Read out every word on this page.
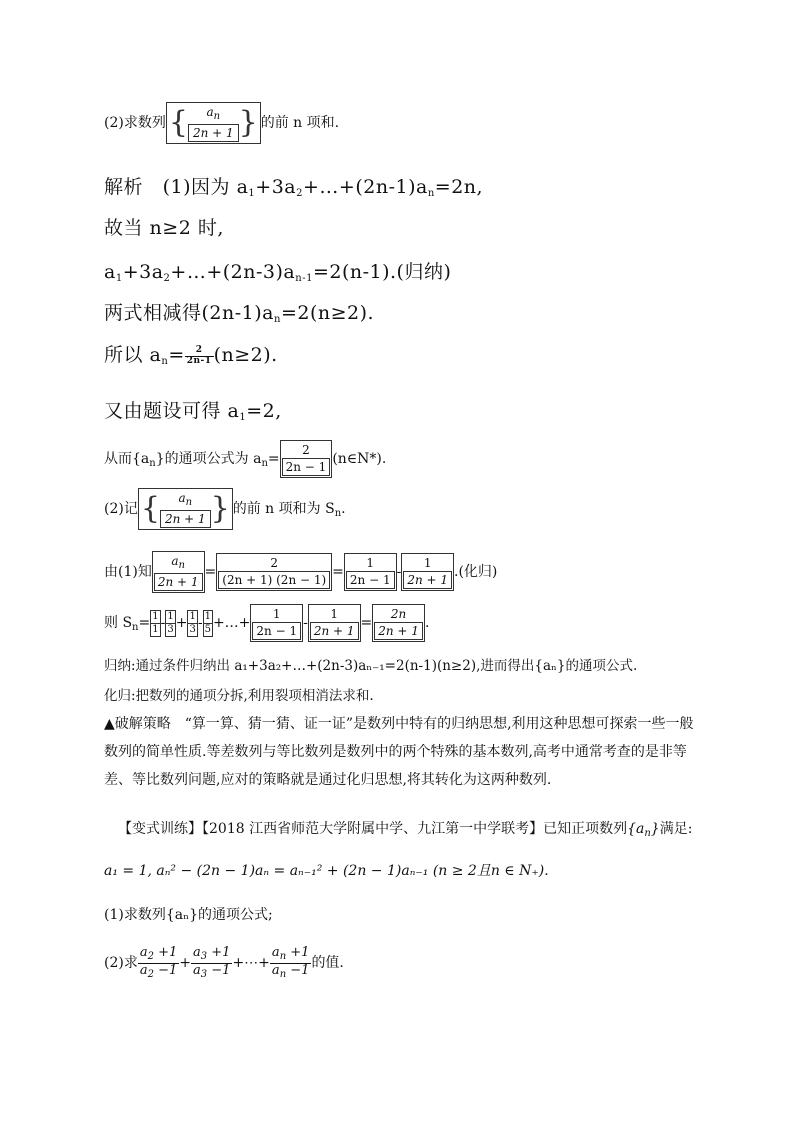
(2)求数列 {	$a_n$
2n + 1 } 的前 n 项和.
解析 (1)因为 $a_1+3a_2+\dots+(2n-1)a_n=2n$,
故当 n≥2 时,
$a_1+3a_2+\dots+(2n-3)a_{n-1}=2(n-1)$.(归纳)
两式相减得$(2n-1)a_n=2(n\ge 2)$.
所以 $a_n= \frac{2}{2n-1} (n\ge 2)$.
又由题设可得 $a_1=2$,
从而$\{a_n\}$的通项公式为 $a_n= \frac{2}{2n - 1}$ (n∈N*).
(2)记 {	$a_n$
2n + 1 } 的前 n 项和为 $S_n$.
由(1)知 $\frac{a_n}{2n + 1} = \frac{2}{(2n + 1) (2n - 1)} = \frac{1}{2n - 1} - \frac{1}{2n + 1}$ .(化归)
则 $S_n= \frac{1}{1} - \frac{1}{3} + \frac{1}{3} - \frac{1}{5}$ +…+ $\frac{1}{2n - 1} - \frac{1}{2n + 1} = \frac{2n}{2n + 1}$ .
归纳:通过条件归纳出 a₁+3a₂+…+(2n-3)aₙ₋₁=2(n-1)(n≥2),进而得出{aₙ}的通项公式.
化归:把数列的通项分拆,利用裂项相消法求和.
▲破解策略　“算一算、猜一猜、证一证”是数列中特有的归纳思想,利用这种思想可探索一些一般数列的简单性质.等差数列与等比数列是数列中的两个特殊的基本数列,高考中通常考查的是非等差、等比数列问题,应对的策略就是通过化归思想,将其转化为这两种数列.
【变式训练】【2018 江西省师范大学附属中学、九江第一中学联考】已知正项数列$\{a_n\}$满足:
a₁ = 1, aₙ² − (2n − 1)aₙ = aₙ₋₁² + (2n − 1)aₙ₋₁ (n ≥ 2且n ∈ N₊).
(1)求数列{aₙ}的通项公式;
(2)求 $\frac{a_2 +1}{a_2 -1} + \frac{a_3 +1}{a_3 -1}$ +⋯+ $\frac{a_n +1}{a_n -1}$ 的值.
